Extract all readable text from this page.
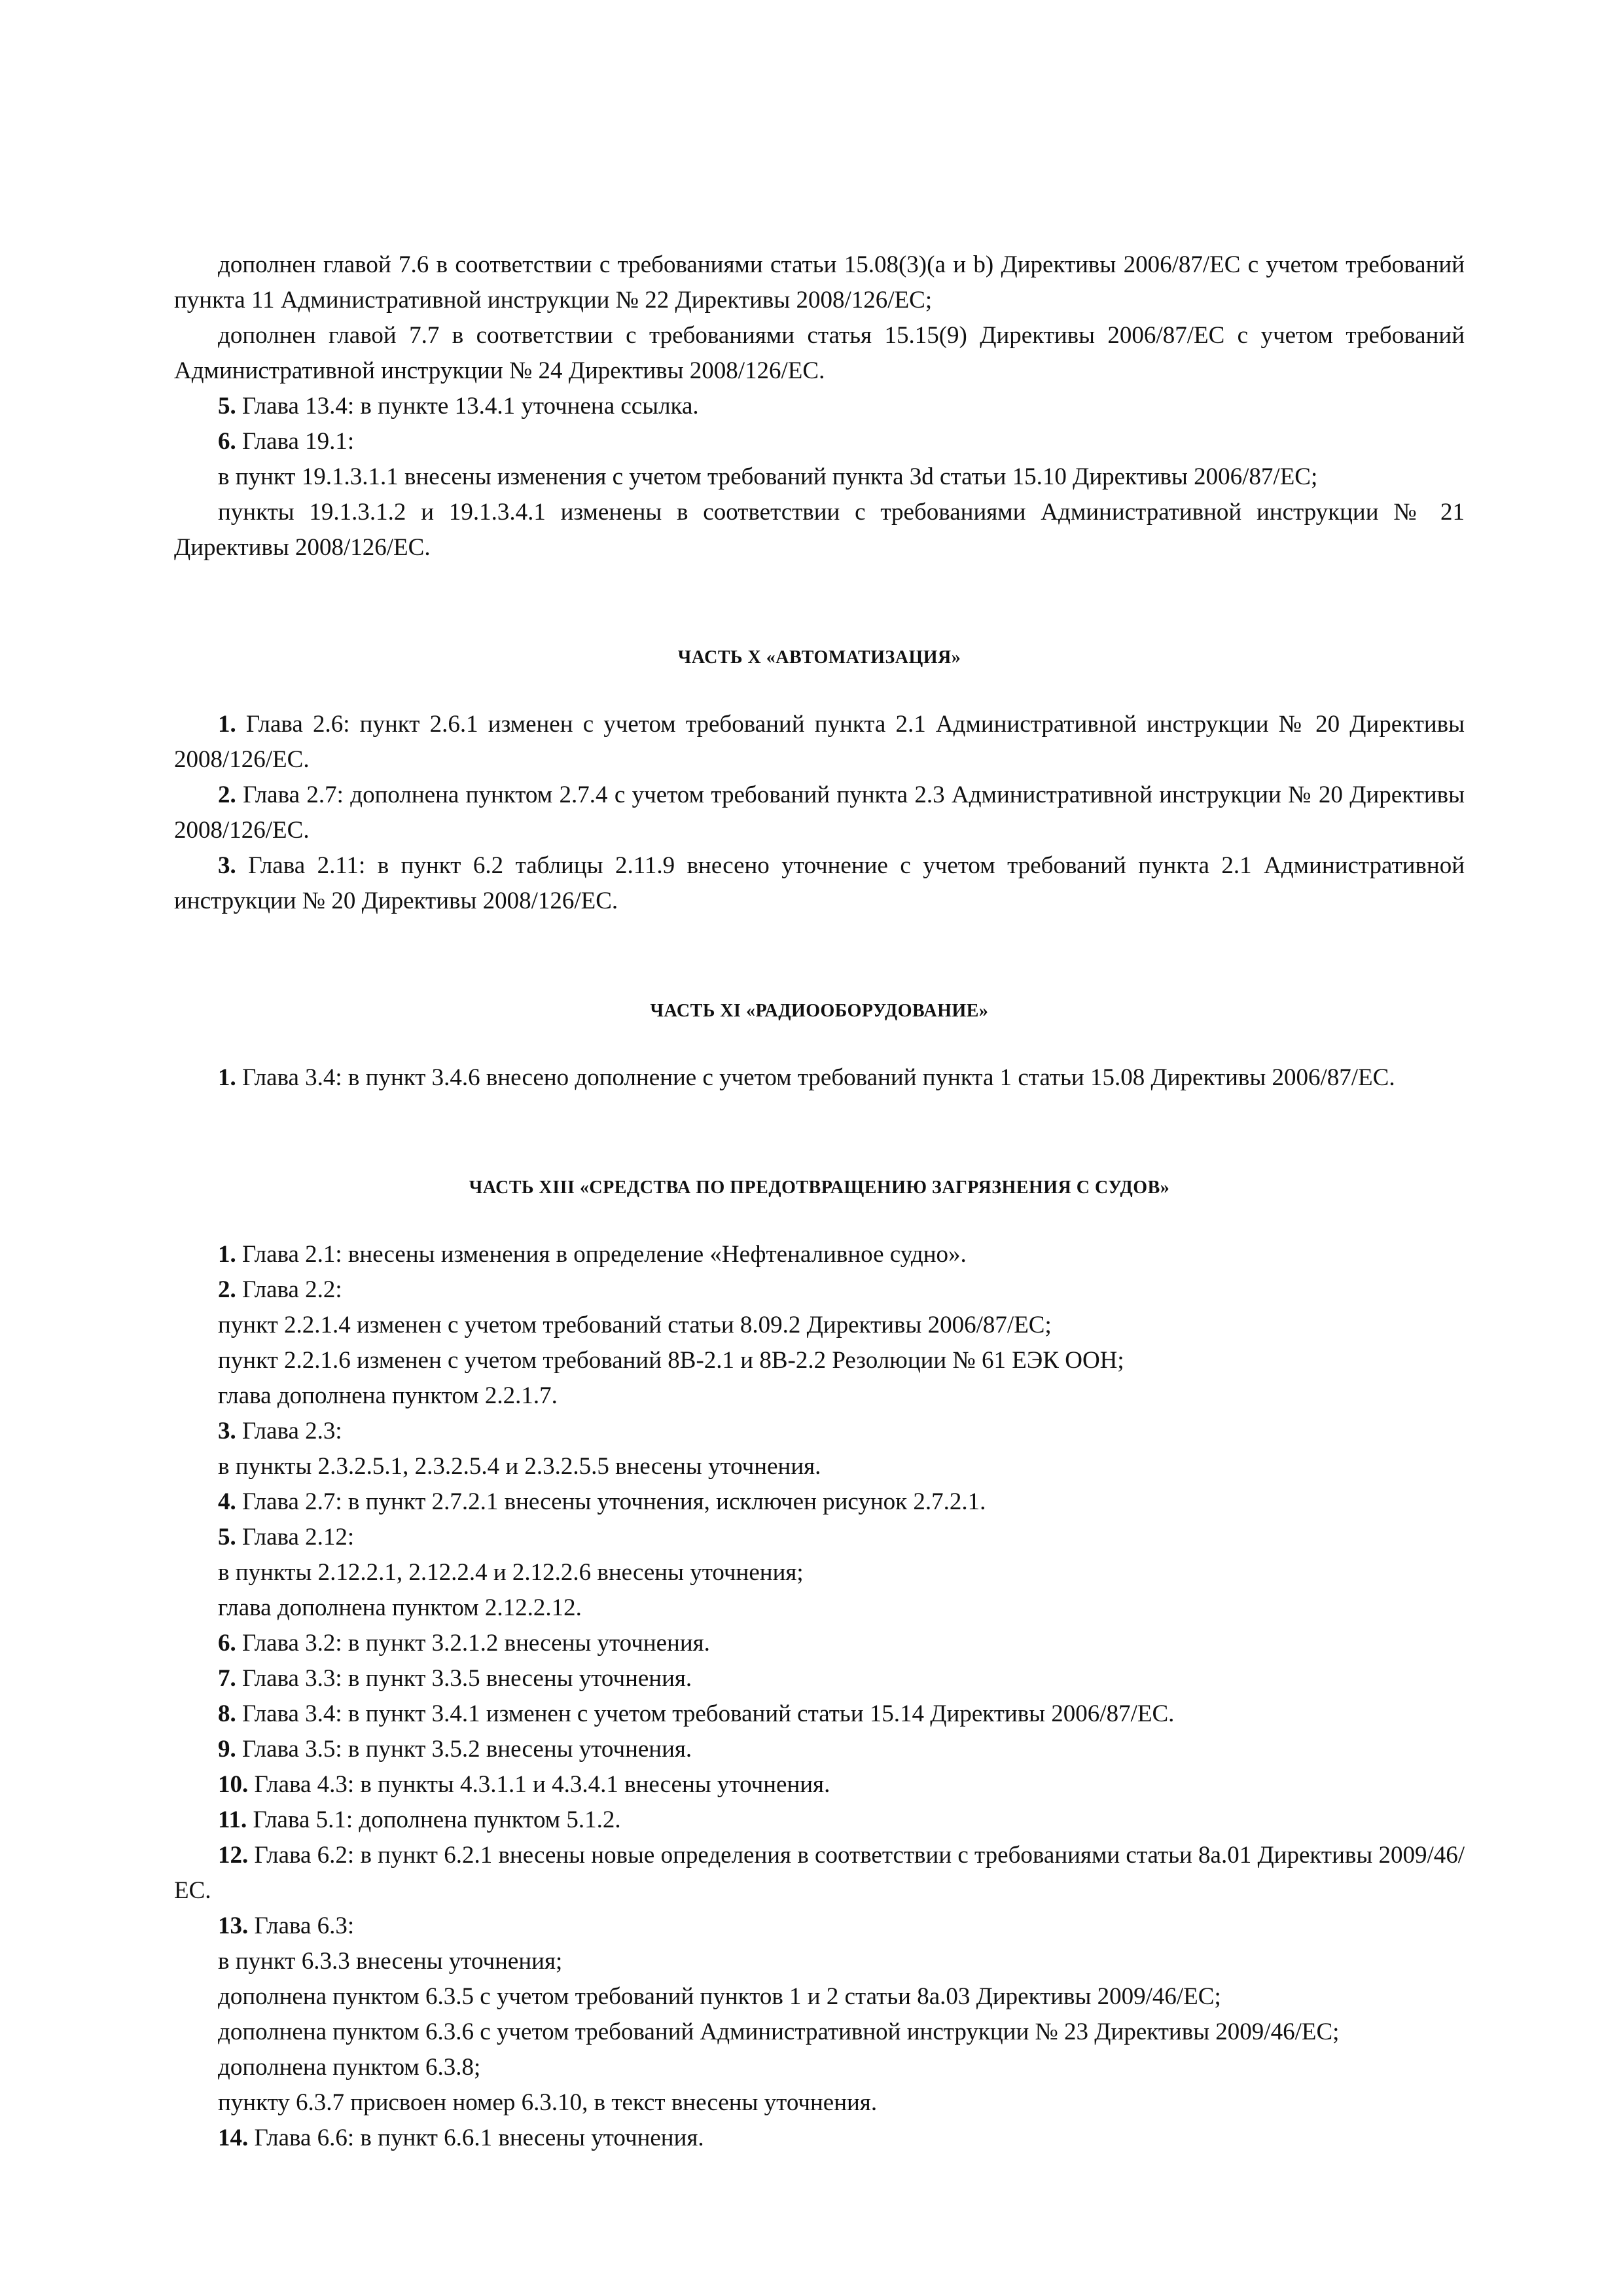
дополнен главой 7.6 в соответствии с требованиями статьи 15.08(3)(a и b) Директивы 2006/87/ЕС с учетом требований пункта 11 Административной инструкции № 22 Директивы 2008/126/ЕС;

дополнен главой 7.7 в соответствии с требованиями статья 15.15(9) Директивы 2006/87/ЕС с учетом требований Административной инструкции № 24 Директивы 2008/126/ЕС.

5. Глава 13.4: в пункте 13.4.1 уточнена ссылка.

6. Глава 19.1:

в пункт 19.1.3.1.1 внесены изменения с учетом требований пункта 3d статьи 15.10 Директивы 2006/87/ЕС;

пункты 19.1.3.1.2 и 19.1.3.4.1 изменены в соответствии с требованиями Административной инструкции № 21 Директивы 2008/126/ЕС.

ЧАСТЬ X «АВТОМАТИЗАЦИЯ»

1. Глава 2.6: пункт 2.6.1 изменен с учетом требований пункта 2.1 Административной инструкции № 20 Директивы 2008/126/ЕС.

2. Глава 2.7: дополнена пунктом 2.7.4 с учетом требований пункта 2.3 Административной инструкции № 20 Директивы 2008/126/ЕС.

3. Глава 2.11: в пункт 6.2 таблицы 2.11.9 внесено уточнение с учетом требований пункта 2.1 Административной инструкции № 20 Директивы 2008/126/ЕС.

ЧАСТЬ XI «РАДИООБОРУДОВАНИЕ»

1. Глава 3.4: в пункт 3.4.6 внесено дополнение с учетом требований пункта 1 статьи 15.08 Директивы 2006/87/ЕС.

ЧАСТЬ XIII «СРЕДСТВА ПО ПРЕДОТВРАЩЕНИЮ ЗАГРЯЗНЕНИЯ С СУДОВ»

1. Глава 2.1: внесены изменения в определение «Нефтеналивное судно».

2. Глава 2.2:

пункт 2.2.1.4 изменен с учетом требований статьи 8.09.2 Директивы 2006/87/ЕС;

пункт 2.2.1.6 изменен с учетом требований 8В-2.1 и 8В-2.2 Резолюции № 61 ЕЭК ООН;

глава дополнена пунктом 2.2.1.7.

3. Глава 2.3:

в пункты 2.3.2.5.1, 2.3.2.5.4 и 2.3.2.5.5 внесены уточнения.

4. Глава 2.7: в пункт 2.7.2.1 внесены уточнения, исключен рисунок 2.7.2.1.

5. Глава 2.12:

в пункты 2.12.2.1, 2.12.2.4 и 2.12.2.6 внесены уточнения;

глава дополнена пунктом 2.12.2.12.

6. Глава 3.2: в пункт 3.2.1.2 внесены уточнения.

7. Глава 3.3: в пункт 3.3.5 внесены уточнения.

8. Глава 3.4: в пункт 3.4.1 изменен с учетом требований статьи 15.14 Директивы 2006/87/ЕС.

9. Глава 3.5: в пункт 3.5.2 внесены уточнения.

10. Глава 4.3: в пункты 4.3.1.1 и 4.3.4.1 внесены уточнения.

11. Глава 5.1: дополнена пунктом 5.1.2.

12. Глава 6.2: в пункт 6.2.1 внесены новые определения в соответствии с требованиями статьи 8а.01 Директивы 2009/46/ЕС.

13. Глава 6.3:

в пункт 6.3.3 внесены уточнения;

дополнена пунктом 6.3.5 с учетом требований пунктов 1 и 2 статьи 8а.03 Директивы 2009/46/ЕС;

дополнена пунктом 6.3.6 с учетом требований Административной инструкции № 23 Директивы 2009/46/ЕС;

дополнена пунктом 6.3.8;

пункту 6.3.7 присвоен номер 6.3.10, в текст внесены уточнения.

14. Глава 6.6: в пункт 6.6.1 внесены уточнения.
